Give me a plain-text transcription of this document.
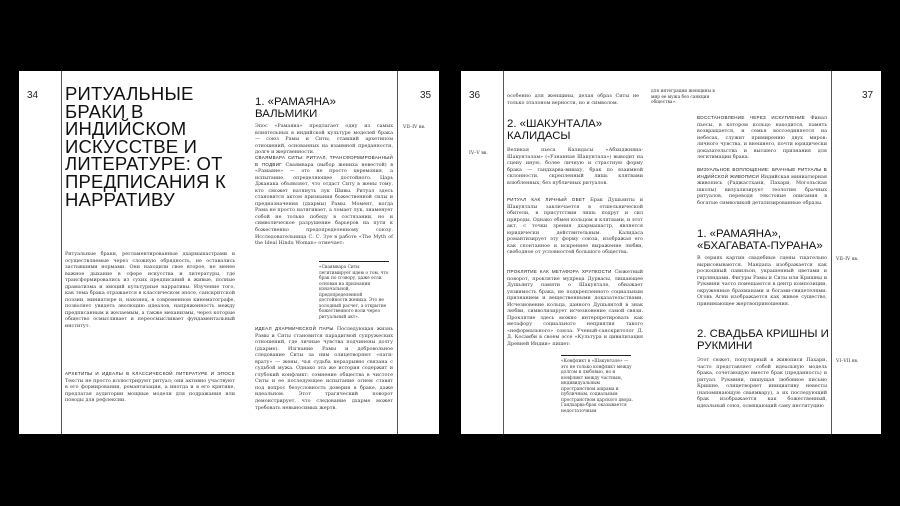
34 РИТУАЛЬНЫЕ БРАКИ В ИНДИЙСКОМ ИСКУССТВЕ И ЛИТЕРАТУРЕ: ОТ ПРЕДПИСАНИЯ К НАРРАТИВУ
Ритуальные браки, регламентированные дхармашастрами и осуществляемые через сложную обрядность, не оставались застывшими нормами. Они находили свое второе, не менее важное дыхание в сфере искусства и литературы, где трансформировались из сухих предписаний в живые, полные драматизма и эмоций культурные нарративы. Изучение того, как тема брака отражается в классическом эпосе, санскритской поэзии, миниатюре и, наконец, в современном кинематографе, позволяет увидеть эволюцию идеалов, напряженность между предписанным и желаемым, а также механизмы, через которые общество осмысливает и переосмысливает фундаментальный институт.
АРХЕТИПЫ И ИДЕАЛЫ В КЛАССИЧЕСКОЙ ЛИТЕРАТУРЕ И ЭПОСЕ Тексты не просто иллюстрируют ритуал; они активно участвуют в его формировании, романтизации, а иногда и в его критике, предлагая аудитории мощные модели для подражания или поводы для рефлексии.
1. «РАМАЯНА» ВАЛЬМИКИ
35
VII–IV вв.
Эпос «Рамаяна» предлагает одну из самых влиятельных в индийской культуре моделей брака — союз Рамы и Ситы, ставший архетипом отношений, основанных на взаимной преданности, долге и жертвенности.
СВАЯМВАРА СИТЫ: РИТУАЛ, ТРАНСФОРМИРОВАННЫЙ В ПОДВИГ Сваямвара (выбор жениха невестой) в «Рамаяне» — это не просто церемония, а испытание, определяющее достойного. Царь Джанака объявляет, что отдаст Ситу в жены тому, кто сможет натянуть лук Шивы. Ритуал здесь становится актом признания божественной силы и предназначения (дхармы) Рамы. Момент, когда Рама не просто натягивает, а ломает лук, знаменует собой не только победу в состязании, но и символическое разрушение барьеров на пути к божественно предопределенному союзу. Исследовательница С. С. Зуе в работе «The Myth of the Ideal Hindu Woman» отмечает:
«Сваямвара Ситы легитимирует идею о том, что брак по сговору, даже если основан на признании изначальной, предопределенной достойности жениха. Это не холодный расчет, а открытие божественного воли через ритуальный акт».
ИДЕАЛ ДХАРМИЧЕСКОЙ ПАРЫ Последующая жизнь Рамы и Ситы становится парадигмой супружеских отношений, где личные чувства подчинены долгу (дхарме). Изгнание Рамы и добровольное следование Ситы за ним олицетворяют «пати-врату» — жены, чья судьба неразрывно связана с судьбой мужа. Однако эта же история содержит и глубокий конфликт: сомнение общества в чистоте Ситы и ее последующее испытание огнем ставят под вопрос безусловность доверия в браке, даже идеальном. Этот трагический поворот демонстрирует, что следование дхарме может требовать невыносимых жертв.
36	особенно для женщины, делая образ Ситы не только эталоном верности, но и символом.
для интеграции женщины в мир ее мужа без санкции общества».
2. «ШАКУНТАЛА» КАЛИДАСЫ
IV–V вв.
Великая пьеса Калидасы «Абхиджняна-Шакунталам» («Узнанная Шакунтала») выводит на сцену иную, более личную и страстную форму брака — гандхарва-виваху, брак по взаимной склонности, скрепленный лишь клятвами влюбленных, без публичных ритуалов.
РИТУАЛ КАК ЛИЧНЫЙ ОБЕТ Брак Душьянты и Шакунталы заключается в отшельнической обители, в присутствии лишь подруг и сил природы. Однако обмен кольцом и клятвами, и этот акт, с точки зрения дхармашастр, является юридически действительным. Калидаса романтизирует эту форму союза, изображая его как спонтанное и искреннее выражение любви, свободное от условностей большого общества.
ПРОКЛЯТИЕ КАК МЕТАФОРА ХРУПКОСТИ Сюжетный поворот, проклятие мудреца Дурвасы, лишающее Душьянту памяти о Шакунтале, обнажает уязвимость брака, не подкрепленного социальным признанием и вещественными доказательствами. Исчезновение кольца, данного Душьянтой в знак любви, символизирует исчезновение самой связи. Проклятие здесь можно интерпретировать как метафору социального неприятия такого «неформального» союза. Ученый-санскритолог Д. Д. Косамби в своем эссе «Культура и цивилизация Древней Индии» пишет:
«Конфликт в «Шакунтале» — это не только конфликт между долгом и любовью, но и конфликт между частным, индивидуальным пространством ашрама и публичным, социальным пространством царского двора. Гандхарва-брак оказывается недостаточным
37
ВОССТАНОВЛЕНИЕ ЧЕРЕЗ ИСКУПЛЕНИЕ Финал пьесы, в котором кольцо находится, память возвращается, и семья воссоединяется на небесах, служит примирению двух миров: личного чувства, и внешнего, почти юридически доказательства и высшего признания для легитимации брака.
ВИЗУАЛЬНОЕ ВОПЛОЩЕНИЕ: БРАЧНЫЕ РИТУАЛЫ В ИНДИЙСКОЙ ЖИВОПИСИ Индийская миниатюрная живопись (Раджастхани, Пахари, Могольская школы) визуализирует теологию брачных ритуалов, переводя текстовые описания в богатые символикой детализированные образы.
1. «РАМАЯНА», «БХАГАВАТА-ПУРАНА»
VII–IV вв.
В сериях картин свадебные сцены тщательно вырисовываются. Мандапа изображается как роскошный павильон, украшенный цветами и гирляндами. Фигуры Рамы и Ситы или Кришны и Рукмини часто помещаются в центр композиции, окруженные брахманами и богами-свидетелями. Огонь Агни изображается как живое существо, принимающее жертвоприношения.
2. СВАДЬБА КРИШНЫ И РУКМИНИ
VI–VII вв.
Этот сюжет, популярный в живописи Пахари, часто представляет собой идеальную модель брака, сочетающую вместе брак (преданность) и ритуал. Рукмини, пишущая любовное письмо Кришне, олицетворяет инициативу невесты (напоминающую сваямвару), а их последующий брак изображается как божественный, идеальный союз, освящающий саму институцию
